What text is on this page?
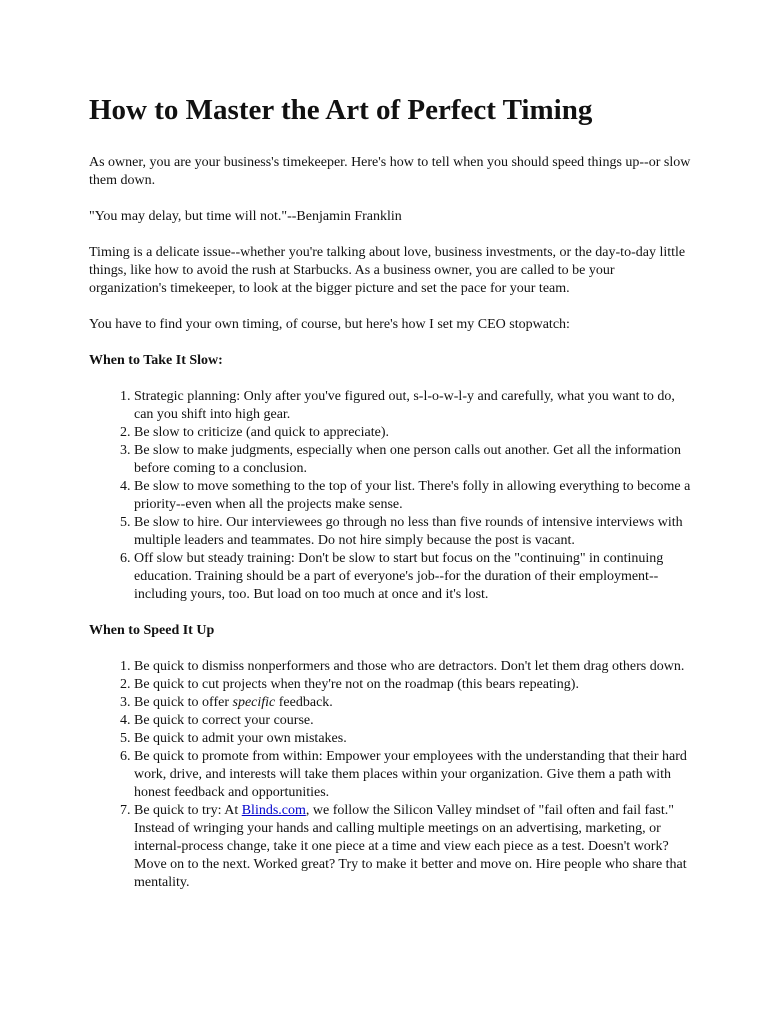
How to Master the Art of Perfect Timing

As owner, you are your business's timekeeper. Here's how to tell when you should speed things up--or slow them down.

"You may delay, but time will not."--Benjamin Franklin

Timing is a delicate issue--whether you're talking about love, business investments, or the day-to-day little things, like how to avoid the rush at Starbucks. As a business owner, you are called to be your organization's timekeeper, to look at the bigger picture and set the pace for your team.

You have to find your own timing, of course, but here's how I set my CEO stopwatch:

When to Take It Slow:
1. Strategic planning: Only after you've figured out, s-l-o-w-l-y and carefully, what you want to do, can you shift into high gear.
2. Be slow to criticize (and quick to appreciate).
3. Be slow to make judgments, especially when one person calls out another. Get all the information before coming to a conclusion.
4. Be slow to move something to the top of your list. There's folly in allowing everything to become a priority--even when all the projects make sense.
5. Be slow to hire. Our interviewees go through no less than five rounds of intensive interviews with multiple leaders and teammates. Do not hire simply because the post is vacant.
6. Off slow but steady training: Don't be slow to start but focus on the "continuing" in continuing education. Training should be a part of everyone's job--for the duration of their employment--including yours, too. But load on too much at once and it's lost.
When to Speed It Up
1. Be quick to dismiss nonperformers and those who are detractors. Don't let them drag others down.
2. Be quick to cut projects when they're not on the roadmap (this bears repeating).
3. Be quick to offer specific feedback.
4. Be quick to correct your course.
5. Be quick to admit your own mistakes.
6. Be quick to promote from within: Empower your employees with the understanding that their hard work, drive, and interests will take them places within your organization. Give them a path with honest feedback and opportunities.
7. Be quick to try: At Blinds.com, we follow the Silicon Valley mindset of "fail often and fail fast." Instead of wringing your hands and calling multiple meetings on an advertising, marketing, or internal-process change, take it one piece at a time and view each piece as a test. Doesn't work? Move on to the next. Worked great? Try to make it better and move on. Hire people who share that mentality.
